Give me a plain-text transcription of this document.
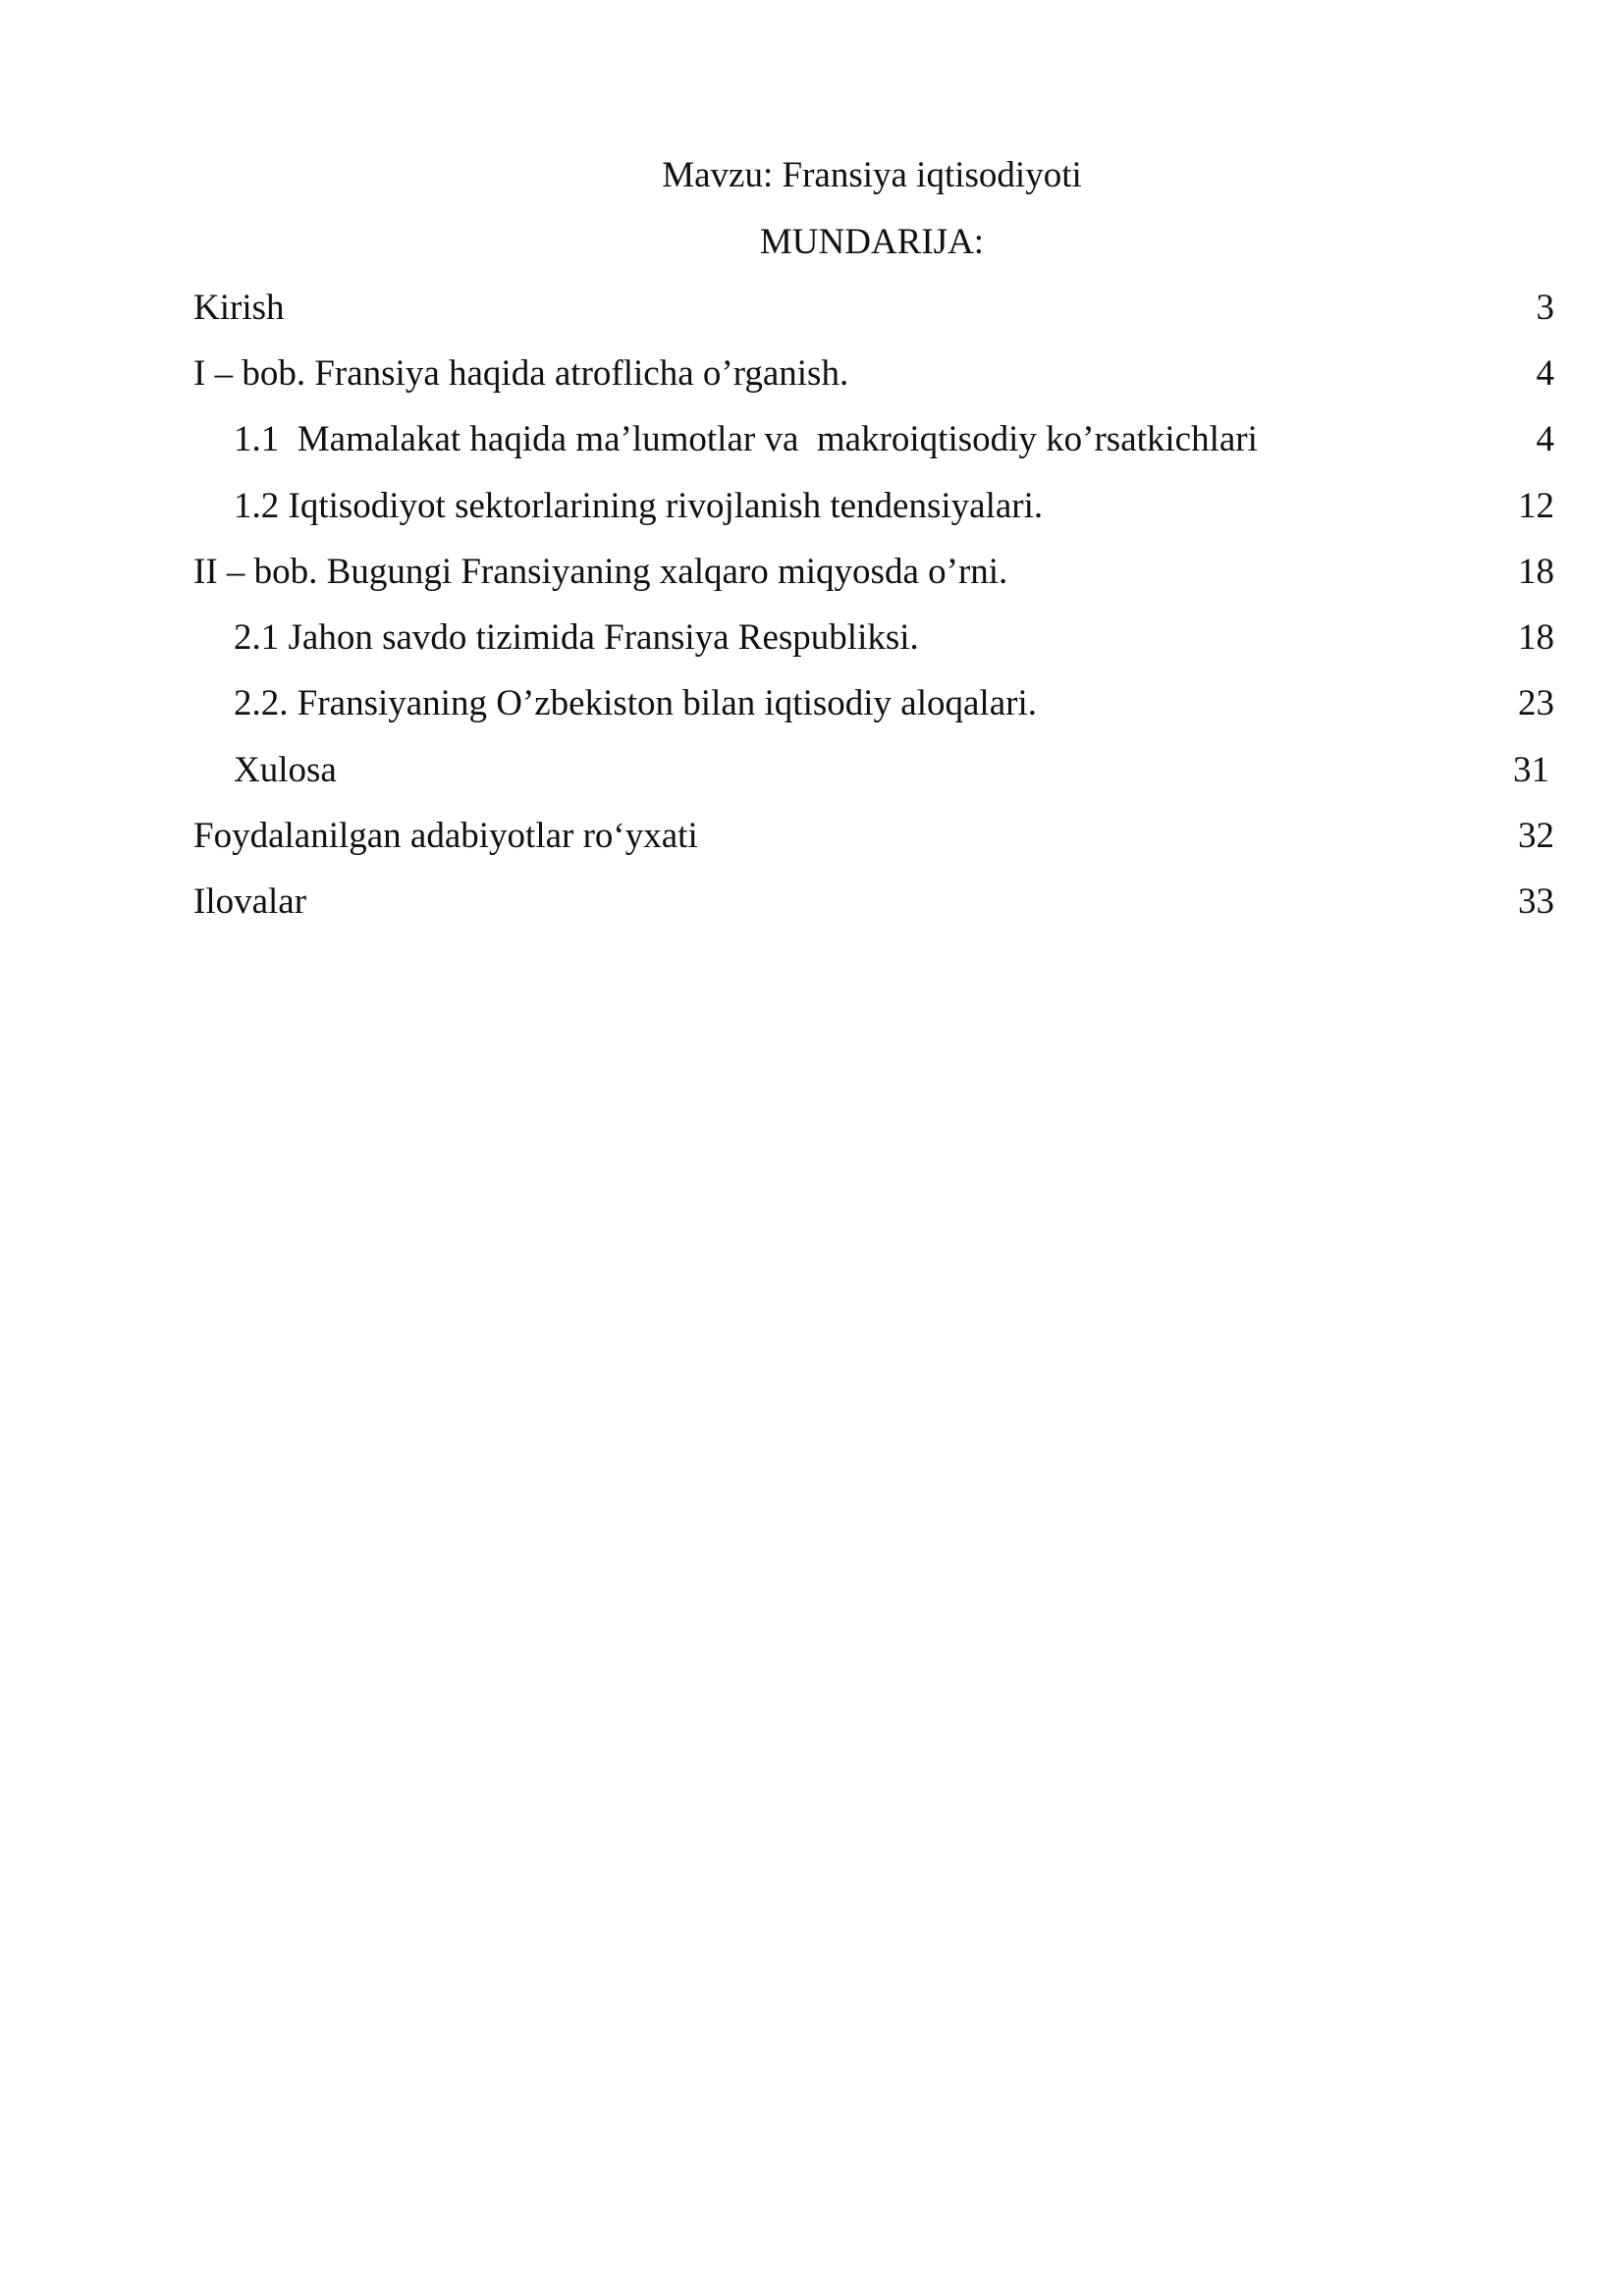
Mavzu: Fransiya iqtisodiyoti
MUNDARIJA:
Kirish	3
I – bob. Fransiya haqida atroflicha o’rganish.	4
1.1  Mamalakat haqida ma’lumotlar va  makroiqtisodiy ko’rsatkichlari	4
1.2 Iqtisodiyot sektorlarining rivojlanish tendensiyalari.	12
II – bob. Bugungi Fransiyaning xalqaro miqyosda o’rni.	18
2.1 Jahon savdo tizimida Fransiya Respubliksi.	18
2.2. Fransiyaning O’zbekiston bilan iqtisodiy aloqalari.	23
Xulosa	31
Foydalanilgan adabiyotlar ro‘yxati	32
Ilovalar	33
